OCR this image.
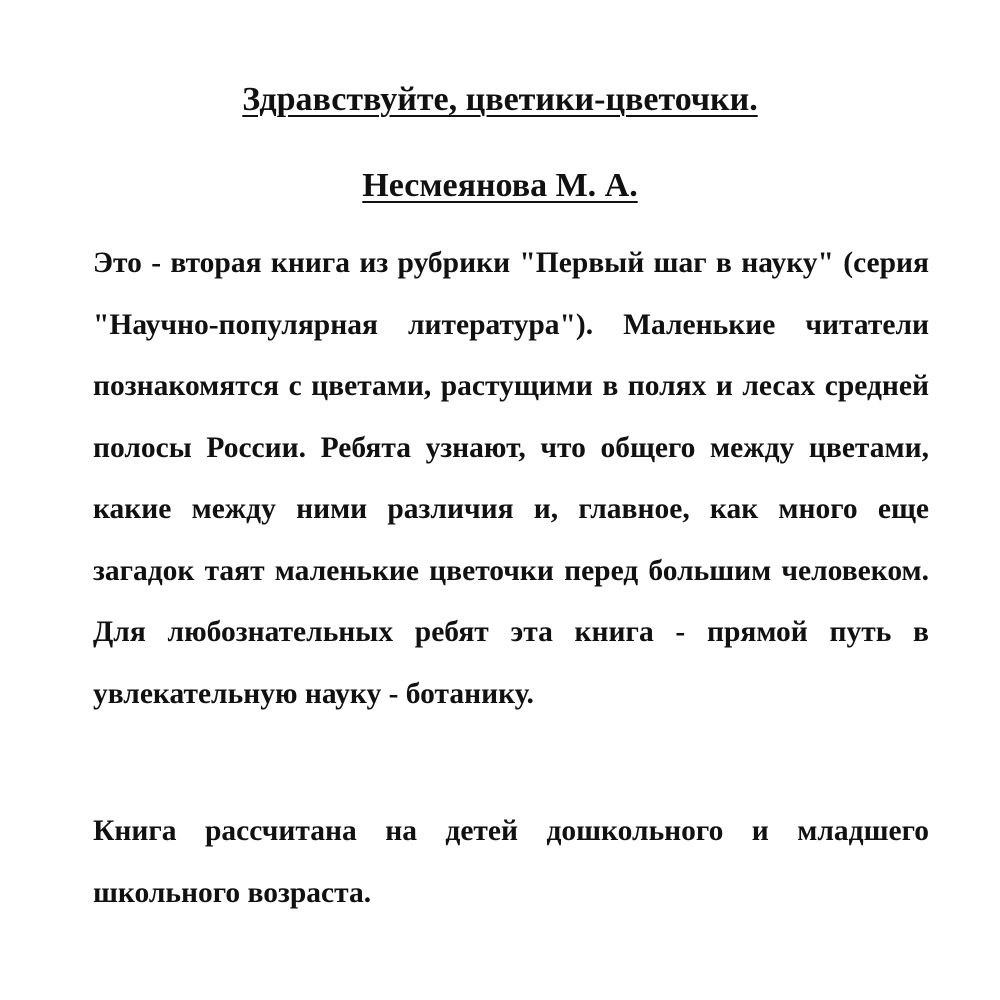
Здравствуйте, цветики-цветочки.
Несмеянова М. А.

Это - вторая книга из рубрики "Первый шаг в науку" (серия "Научно-популярная литература"). Маленькие читатели познакомятся с цветами, растущими в полях и лесах средней полосы России. Ребята узнают, что общего между цветами, какие между ними различия и, главное, как много еще загадок таят маленькие цветочки перед большим человеком. Для любознательных ребят эта книга - прямой путь в увлекательную науку - ботанику.

Книга рассчитана на детей дошкольного и младшего школьного возраста.
